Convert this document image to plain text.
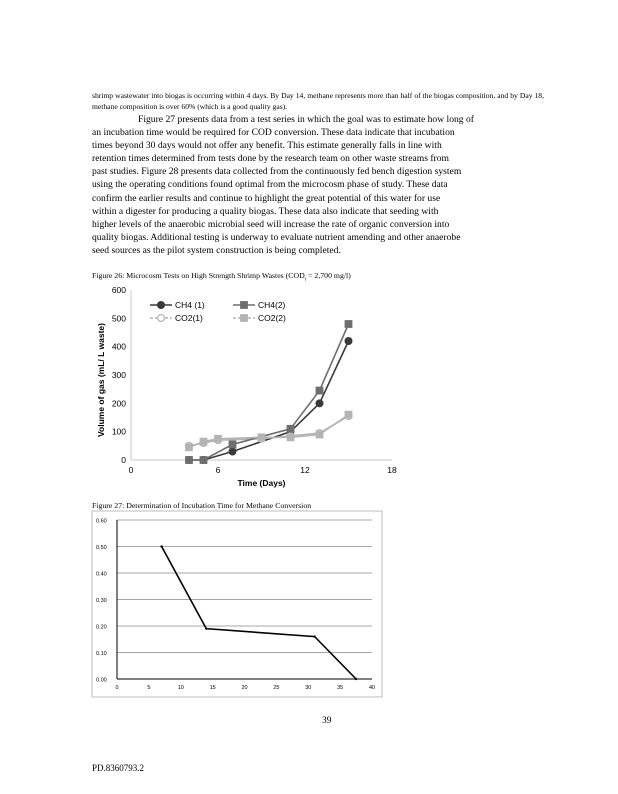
shrimp wastewater into biogas is occurring within 4 days. By Day 14, methane represents more than half of the biogas composition, and by Day 18, methane composition is over 60% (which is a good quality gas).
Figure 27 presents data from a test series in which the goal was to estimate how long of
an incubation time would be required for COD conversion. These data indicate that incubation
times beyond 30 days would not offer any benefit. This estimate generally falls in line with
retention times determined from tests done by the research team on other waste streams from
past studies. Figure 28 presents data collected from the continuously fed bench digestion system
using the operating conditions found optimal from the microcosm phase of study. These data
confirm the earlier results and continue to highlight the great potential of this water for use
within a digester for producing a quality biogas. These data also indicate that seeding with
higher levels of the anaerobic microbial seed will increase the rate of organic conversion into
quality biogas. Additional testing is underway to evaluate nutrient amending and other anaerobe
seed sources as the pilot system construction is being completed.
Figure 26: Microcosm Tests on High Strength Shrimp Wastes ($COD_t = 2,700$ mg/l)
0
100
200
300
400
500
600
0	6	12	18
Time (Days)
Volume of gas (mL/ L waste)
CH4 (1)
CO2(1)
CH4(2)
CO2(2)
Figure 27: Determination of Incubation Time for Methane Conversion
0.00
0.10
0.20
0.30
0.40
0.50
0.60
0	5	10	15	20	25	30	35	40
39
PD.8360793.2
